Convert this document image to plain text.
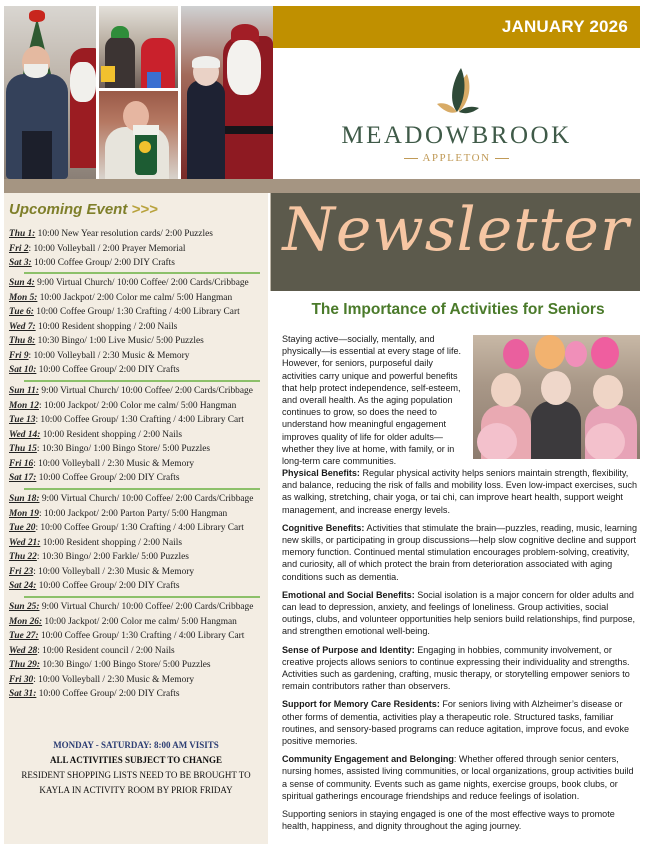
JANUARY 2026
MEADOWBROOK
APPLETON
Upcoming Event >>>
Thu 1: 10:00 New Year resolution cards/ 2:00 Puzzles
Fri 2: 10:00 Volleyball / 2:00 Prayer Memorial
Sat 3: 10:00 Coffee Group/ 2:00 DIY Crafts
Sun 4: 9:00 Virtual Church/ 10:00 Coffee/ 2:00 Cards/Cribbage
Mon 5: 10:00 Jackpot/ 2:00 Color me calm/ 5:00 Hangman
Tue 6: 10:00 Coffee Group/ 1:30 Crafting / 4:00 Library Cart
Wed 7: 10:00 Resident shopping / 2:00 Nails
Thu 8: 10:30 Bingo/ 1:00 Live Music/ 5:00 Puzzles
Fri 9: 10:00 Volleyball / 2:30 Music & Memory
Sat 10: 10:00 Coffee Group/ 2:00 DIY Crafts
Sun 11: 9:00 Virtual Church/ 10:00 Coffee/ 2:00 Cards/Cribbage
Mon 12: 10:00 Jackpot/ 2:00 Color me calm/ 5:00 Hangman
Tue 13: 10:00 Coffee Group/ 1:30 Crafting / 4:00 Library Cart
Wed 14: 10:00 Resident shopping / 2:00 Nails
Thu 15: 10:30 Bingo/ 1:00 Bingo Store/ 5:00 Puzzles
Fri 16: 10:00 Volleyball / 2:30 Music & Memory
Sat 17: 10:00 Coffee Group/ 2:00 DIY Crafts
Sun 18: 9:00 Virtual Church/ 10:00 Coffee/ 2:00 Cards/Cribbage
Mon 19: 10:00 Jackpot/ 2:00 Parton Party/ 5:00 Hangman
Tue 20: 10:00 Coffee Group/ 1:30 Crafting / 4:00 Library Cart
Wed 21: 10:00 Resident shopping / 2:00 Nails
Thu 22: 10:30 Bingo/ 2:00 Farkle/ 5:00 Puzzles
Fri 23: 10:00 Volleyball / 2:30 Music & Memory
Sat 24: 10:00 Coffee Group/ 2:00 DIY Crafts
Sun 25: 9:00 Virtual Church/ 10:00 Coffee/ 2:00 Cards/Cribbage
Mon 26: 10:00 Jackpot/ 2:00 Color me calm/ 5:00 Hangman
Tue 27: 10:00 Coffee Group/ 1:30 Crafting / 4:00 Library Cart
Wed 28: 10:00 Resident council / 2:00 Nails
Thu 29: 10:30 Bingo/ 1:00 Bingo Store/ 5:00 Puzzles
Fri 30: 10:00 Volleyball / 2:30 Music & Memory
Sat 31: 10:00 Coffee Group/ 2:00 DIY Crafts
MONDAY - SATURDAY: 8:00 AM VISITS
ALL ACTIVITIES SUBJECT TO CHANGE
RESIDENT SHOPPING LISTS NEED TO BE BROUGHT TO
KAYLA IN ACTIVITY ROOM BY PRIOR FRIDAY
Newsletter
The Importance of Activities for Seniors
Staying active—socially, mentally, and physically—is essential at every stage of life. However, for seniors, purposeful daily activities carry unique and powerful benefits that help protect independence, self-esteem, and overall health. As the aging population continues to grow, so does the need to understand how meaningful engagement improves quality of life for older adults—whether they live at home, with family, or in long-term care communities.
Physical Benefits: Regular physical activity helps seniors maintain strength, flexibility, and balance, reducing the risk of falls and mobility loss. Even low-impact exercises, such as walking, stretching, chair yoga, or tai chi, can improve heart health, support weight management, and increase energy levels.
Cognitive Benefits: Activities that stimulate the brain—puzzles, reading, music, learning new skills, or participating in group discussions—help slow cognitive decline and support memory function. Continued mental stimulation encourages problem-solving, creativity, and curiosity, all of which protect the brain from deterioration associated with aging conditions such as dementia.
Emotional and Social Benefits: Social isolation is a major concern for older adults and can lead to depression, anxiety, and feelings of loneliness. Group activities, social outings, clubs, and volunteer opportunities help seniors build relationships, find purpose, and strengthen emotional well-being.
Sense of Purpose and Identity: Engaging in hobbies, community involvement, or creative projects allows seniors to continue expressing their individuality and strengths. Activities such as gardening, crafting, music therapy, or storytelling empower seniors to remain contributors rather than observers.
Support for Memory Care Residents: For seniors living with Alzheimer’s disease or other forms of dementia, activities play a therapeutic role. Structured tasks, familiar routines, and sensory-based programs can reduce agitation, improve focus, and evoke positive memories.
Community Engagement and Belonging: Whether offered through senior centers, nursing homes, assisted living communities, or local organizations, group activities build a sense of community. Events such as game nights, exercise groups, book clubs, or spiritual gatherings encourage friendships and reduce feelings of isolation.
Supporting seniors in staying engaged is one of the most effective ways to promote health, happiness, and dignity throughout the aging journey.
